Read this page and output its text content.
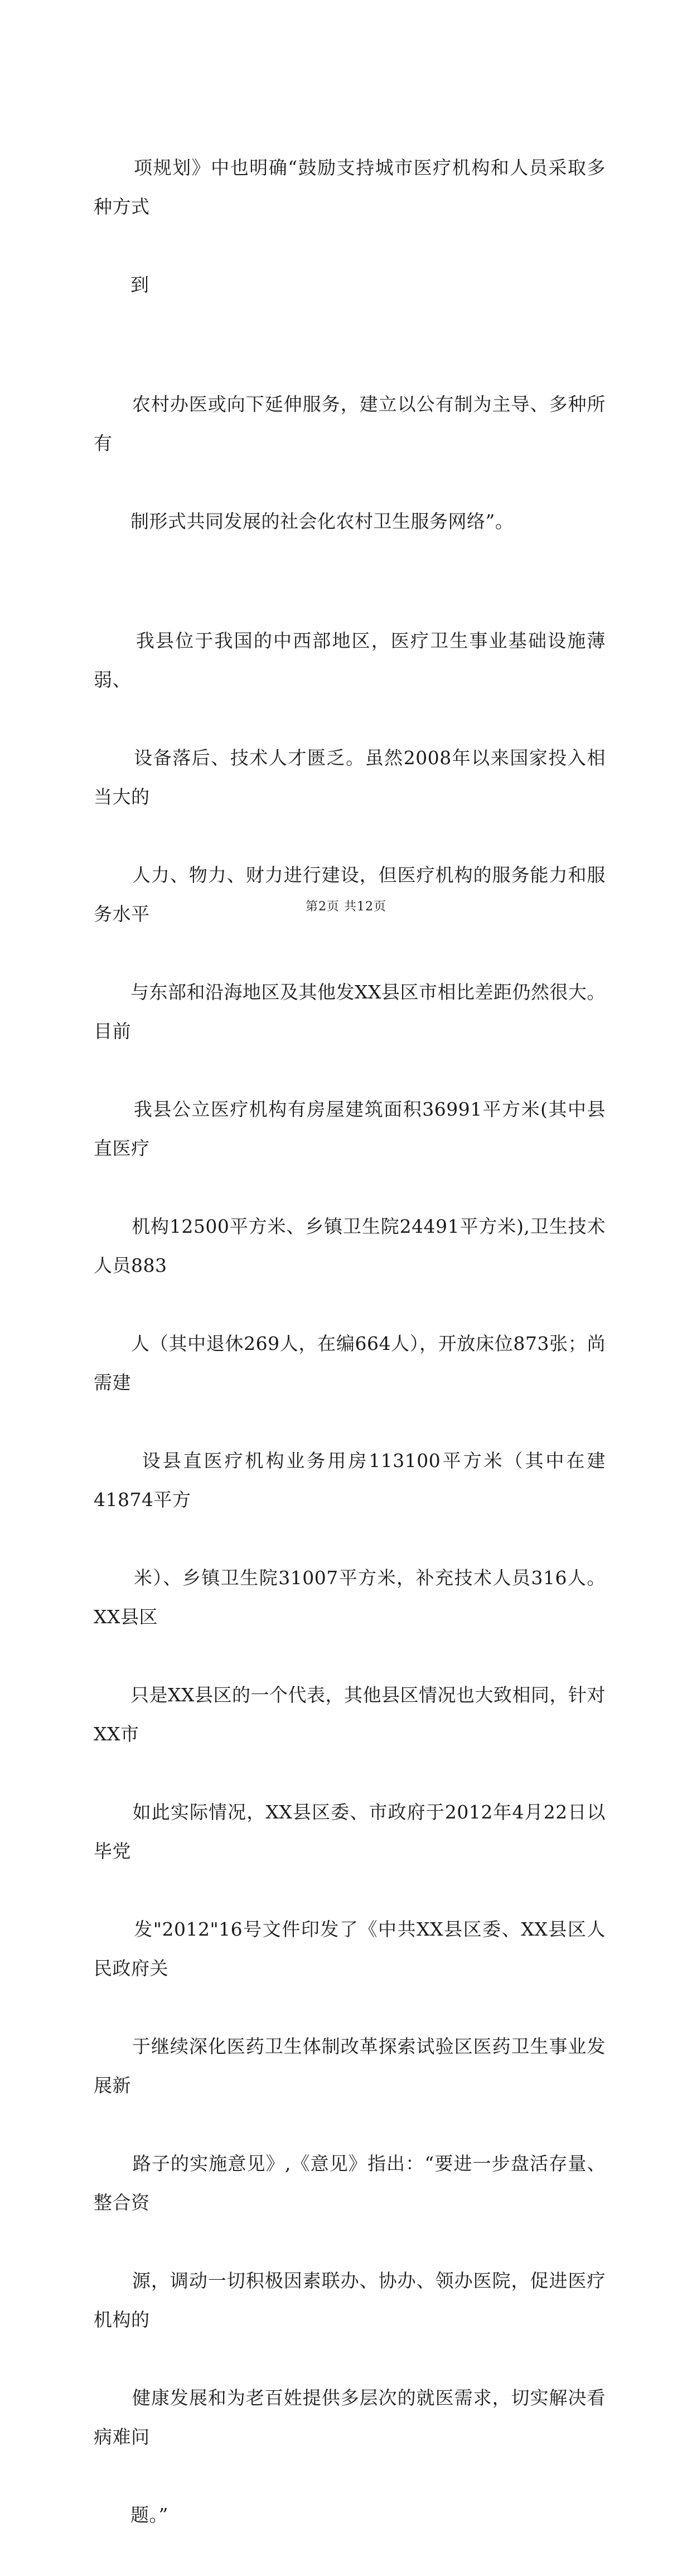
项规划》中也明确“鼓励支持城市医疗机构和人员采取多种方式

到

农村办医或向下延伸服务，建立以公有制为主导、多种所有

制形式共同发展的社会化农村卫生服务网络”。

我县位于我国的中西部地区，医疗卫生事业基础设施薄弱、

设备落后、技术人才匮乏。虽然2008年以来国家投入相当大的

人力、物力、财力进行建设，但医疗机构的服务能力和服务水平

与东部和沿海地区及其他发XX县区市相比差距仍然很大。目前

我县公立医疗机构有房屋建筑面积36991平方米(其中县直医疗

机构12500平方米、乡镇卫生院24491平方米),卫生技术人员883

人（其中退休269人，在编664人），开放床位873张；尚需建

设县直医疗机构业务用房113100平方米（其中在建41874平方

米）、乡镇卫生院31007平方米，补充技术人员316人。XX县区

只是XX县区的一个代表，其他县区情况也大致相同，针对XX市

如此实际情况，XX县区委、市政府于2012年4月22日以毕党

发"2012"16号文件印发了《中共XX县区委、XX县区人民政府关

于继续深化医药卫生体制改革探索试验区医药卫生事业发展新

路子的实施意见》,《意见》指出：“要进一步盘活存量、整合资

源，调动一切积极因素联办、协办、领办医院，促进医疗机构的

健康发展和为老百姓提供多层次的就医需求，切实解决看病难问

题。”

第2页 共12页
